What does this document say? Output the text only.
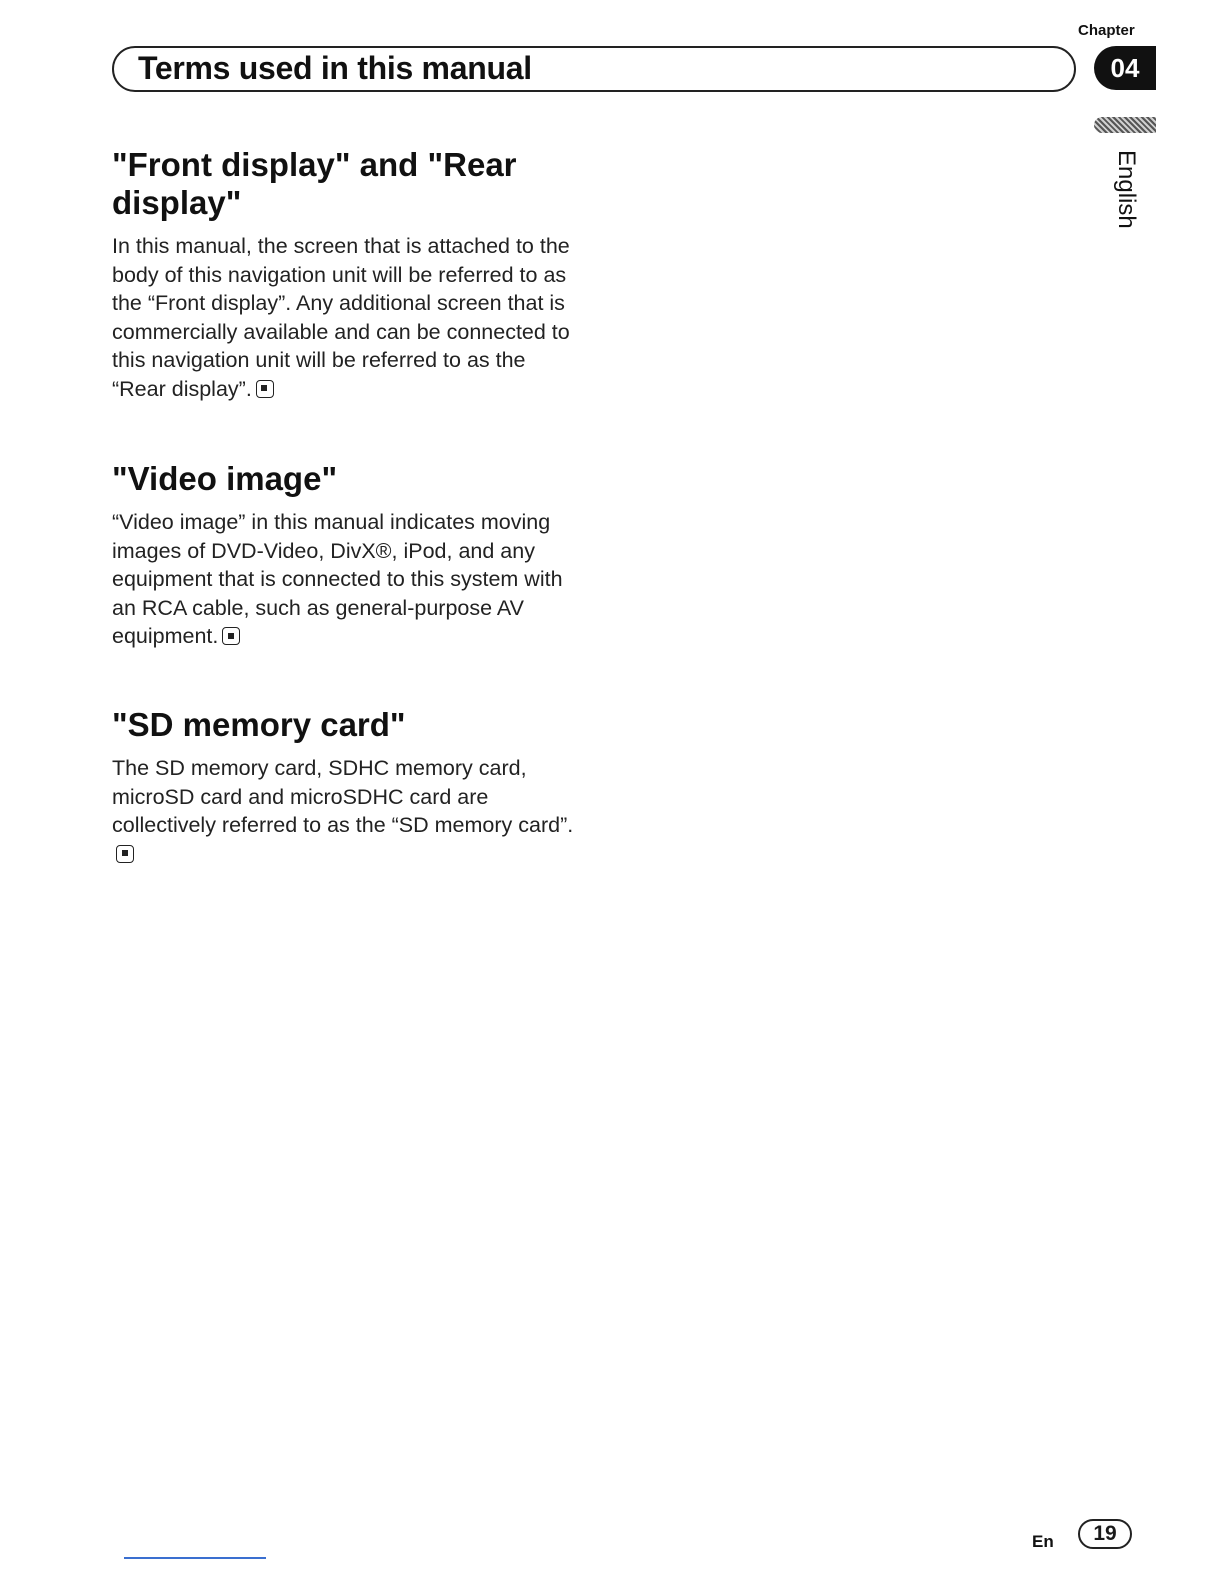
Chapter
Terms used in this manual	04
English
"Front display" and "Rear display"

In this manual, the screen that is attached to the body of this navigation unit will be referred to as the “Front display”. Any additional screen that is commercially available and can be connected to this navigation unit will be referred to as the “Rear display”.

"Video image"

“Video image” in this manual indicates moving images of DVD-Video, DivX®, iPod, and any equipment that is connected to this system with an RCA cable, such as general-purpose AV equipment.

"SD memory card"

The SD memory card, SDHC memory card, microSD card and microSDHC card are collectively referred to as the “SD memory card”.

En	19
